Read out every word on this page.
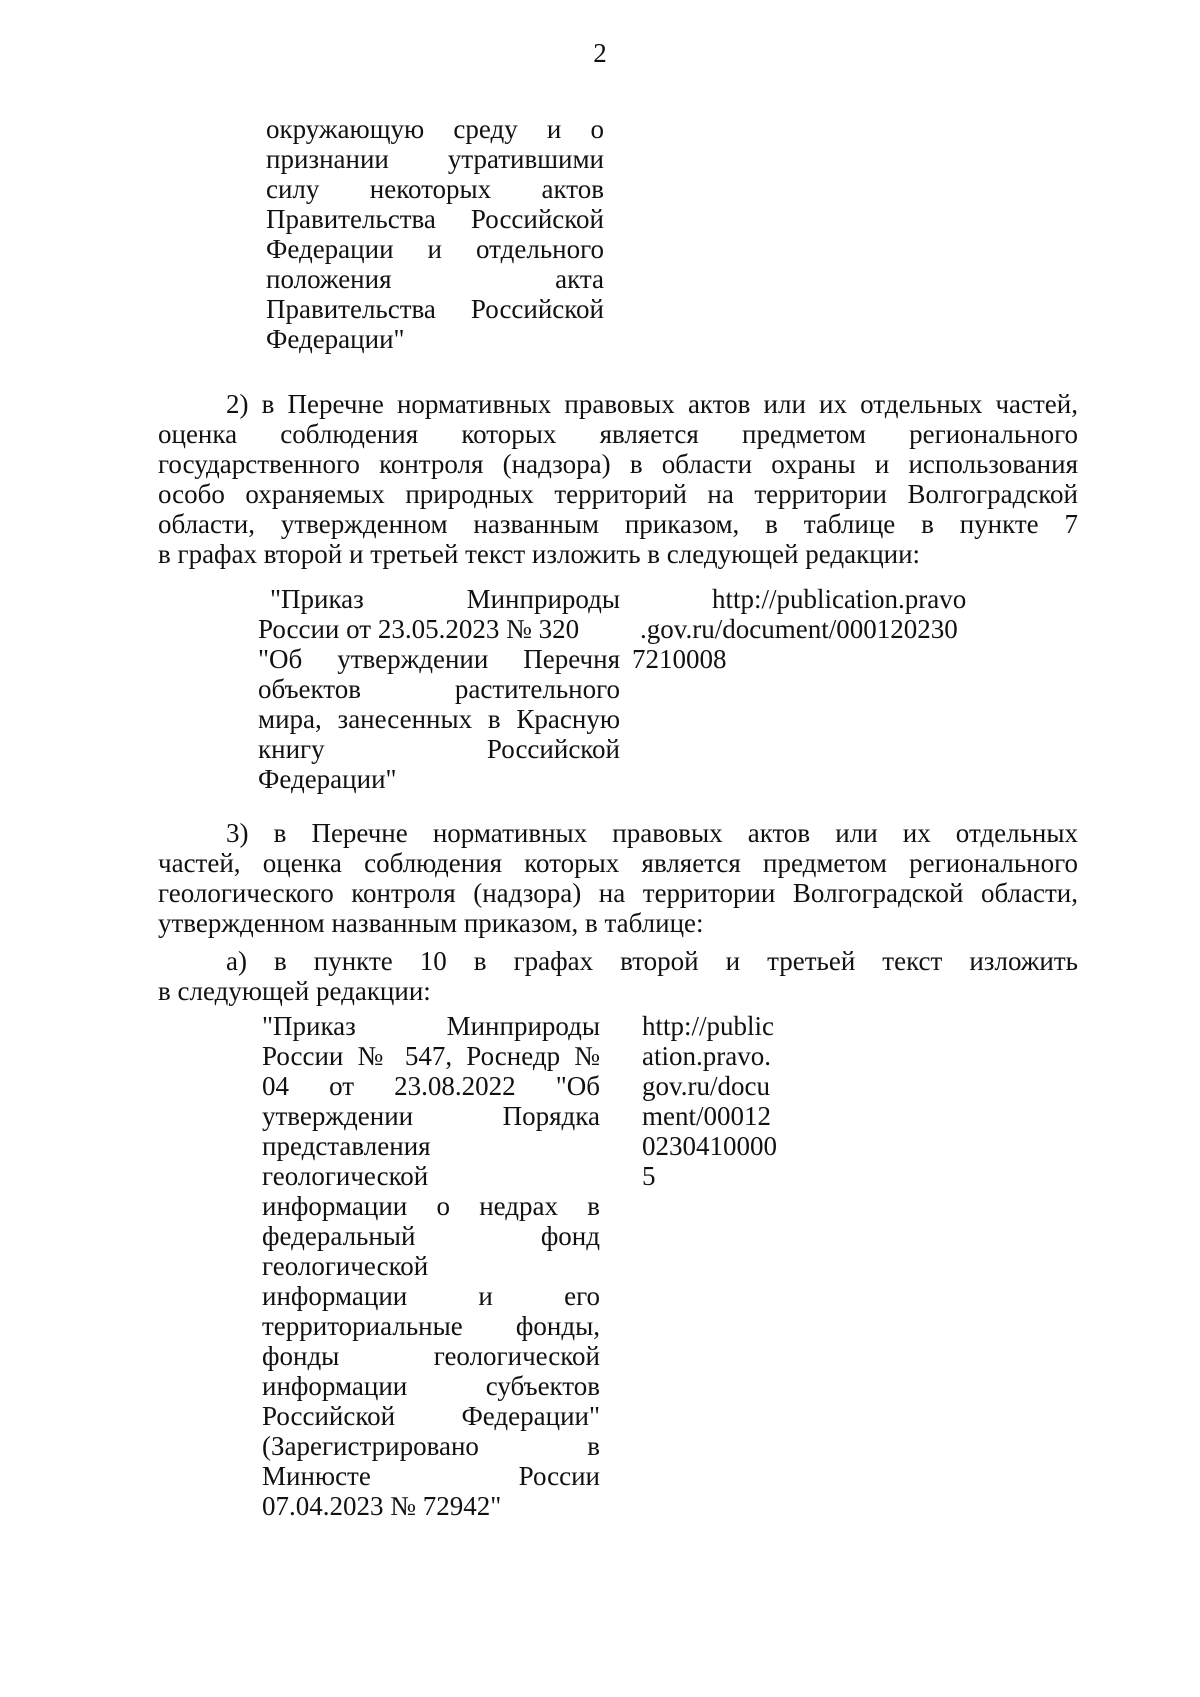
2
окружающую среду и о
признании утратившими
силу некоторых актов
Правительства Российской
Федерации и отдельного
положения акта
Правительства Российской
Федерации"
2) в Перечне нормативных правовых актов или их отдельных частей,
оценка соблюдения которых является предметом регионального
государственного контроля (надзора) в области охраны и использования
особо охраняемых природных территорий на территории Волгоградской
области, утвержденном названным приказом, в таблице в пункте 7
в графах второй и третьей текст изложить в следующей редакции:
"Приказ Минприроды
России от 23.05.2023 № 320
"Об утверждении Перечня
объектов растительного
мира, занесенных в Красную
книгу Российской
Федерации"
http://publication.pravo
.gov.ru/document/000120230
7210008
3) в Перечне нормативных правовых актов или их отдельных
частей, оценка соблюдения которых является предметом регионального
геологического контроля (надзора) на территории Волгоградской области,
утвержденном названным приказом, в таблице:
а) в пункте 10 в графах второй и третьей текст изложить
в следующей редакции:
"Приказ Минприроды
России № 547, Роснедр №
04 от 23.08.2022 "Об
утверждении Порядка
представления
геологической
информации о недрах в
федеральный фонд
геологической
информации и его
территориальные фонды,
фонды геологической
информации субъектов
Российской Федерации"
(Зарегистрировано в
Минюсте России
07.04.2023 № 72942"
http://public
ation.pravo.
gov.ru/docu
ment/00012
0230410000
5
